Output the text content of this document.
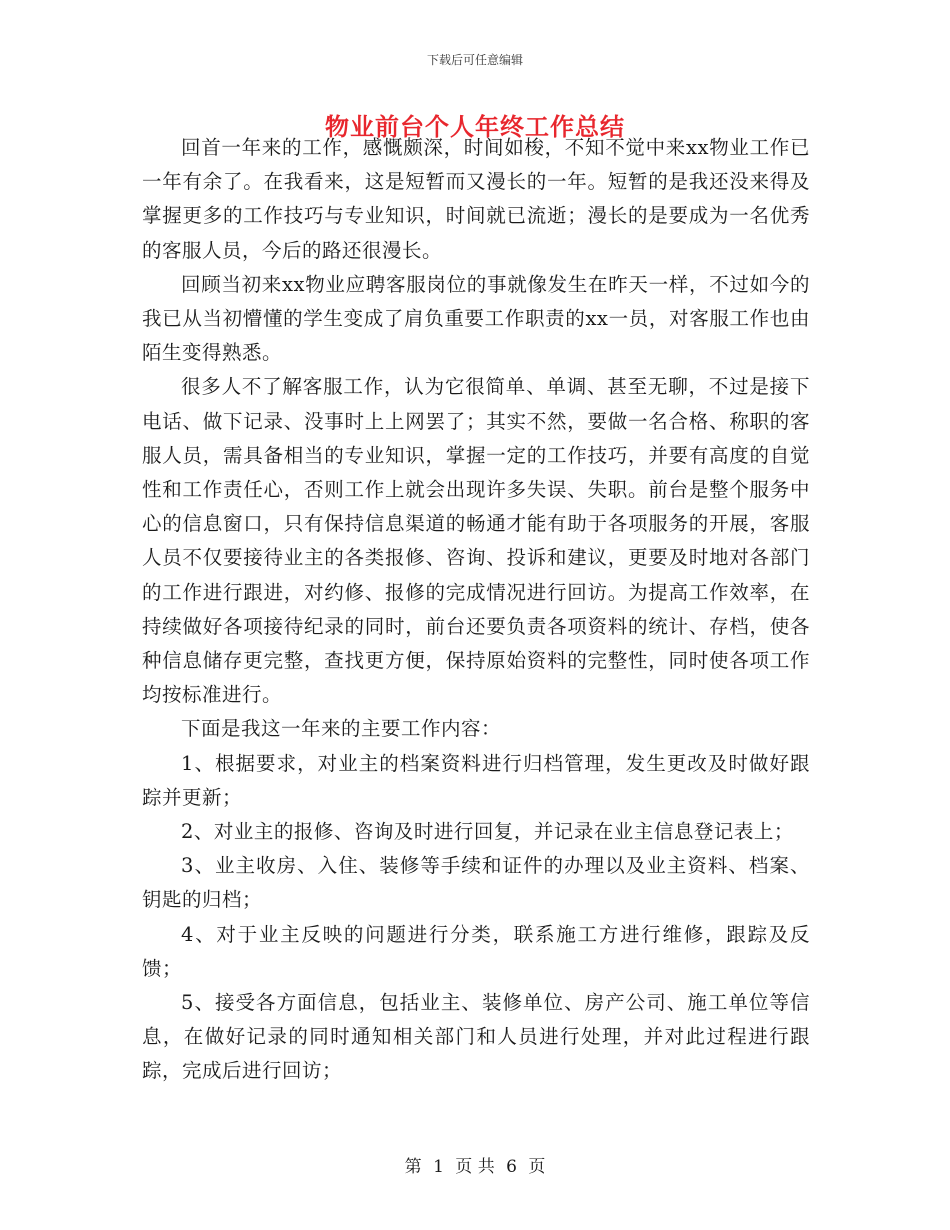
下载后可任意编辑
物业前台个人年终工作总结

回首一年来的工作，感慨颇深，时间如梭，不知不觉中来xx物业工作已一年有余了。在我看来，这是短暂而又漫长的一年。短暂的是我还没来得及掌握更多的工作技巧与专业知识，时间就已流逝；漫长的是要成为一名优秀的客服人员，今后的路还很漫长。

回顾当初来xx物业应聘客服岗位的事就像发生在昨天一样，不过如今的我已从当初懵懂的学生变成了肩负重要工作职责的xx一员，对客服工作也由陌生变得熟悉。

很多人不了解客服工作，认为它很简单、单调、甚至无聊，不过是接下电话、做下记录、没事时上上网罢了；其实不然，要做一名合格、称职的客服人员，需具备相当的专业知识，掌握一定的工作技巧，并要有高度的自觉性和工作责任心，否则工作上就会出现许多失误、失职。前台是整个服务中心的信息窗口，只有保持信息渠道的畅通才能有助于各项服务的开展，客服人员不仅要接待业主的各类报修、咨询、投诉和建议，更要及时地对各部门的工作进行跟进，对约修、报修的完成情况进行回访。为提高工作效率，在持续做好各项接待纪录的同时，前台还要负责各项资料的统计、存档，使各种信息储存更完整，查找更方便，保持原始资料的完整性，同时使各项工作均按标准进行。

下面是我这一年来的主要工作内容：

1、根据要求，对业主的档案资料进行归档管理，发生更改及时做好跟踪并更新；

2、对业主的报修、咨询及时进行回复，并记录在业主信息登记表上；

3、业主收房、入住、装修等手续和证件的办理以及业主资料、档案、钥匙的归档；

4、对于业主反映的问题进行分类，联系施工方进行维修，跟踪及反馈；

5、接受各方面信息，包括业主、装修单位、房产公司、施工单位等信息，在做好记录的同时通知相关部门和人员进行处理，并对此过程进行跟踪，完成后进行回访；

第 1 页 共 6 页
